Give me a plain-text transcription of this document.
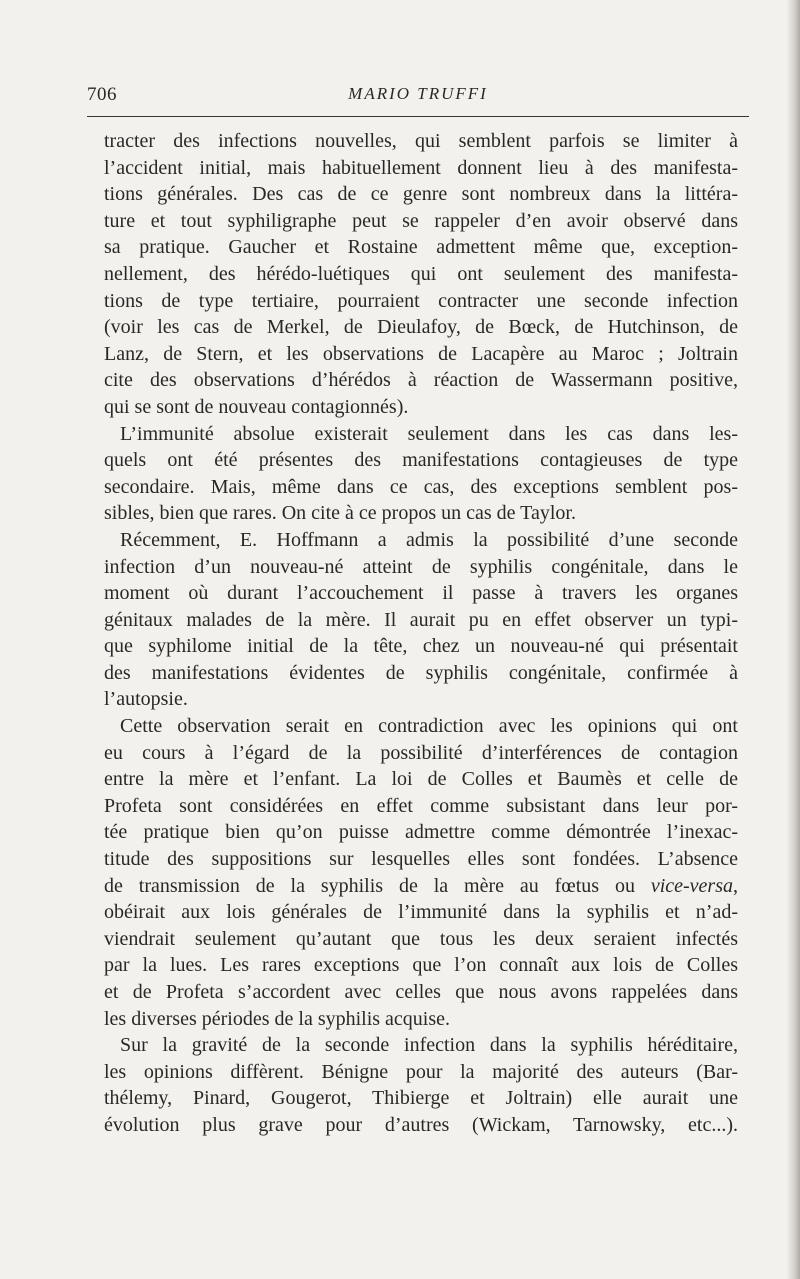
706	MARIO TRUFFI
tracter des infections nouvelles, qui semblent parfois se limiter à
l’accident initial, mais habituellement donnent lieu à des manifesta-
tions générales. Des cas de ce genre sont nombreux dans la littéra-
ture et tout syphiligraphe peut se rappeler d’en avoir observé dans
sa pratique. Gaucher et Rostaine admettent même que, exception-
nellement, des hérédo-luétiques qui ont seulement des manifesta-
tions de type tertiaire, pourraient contracter une seconde infection
(voir les cas de Merkel, de Dieulafoy, de Bœck, de Hutchinson, de
Lanz, de Stern, et les observations de Lacapère au Maroc ; Joltrain
cite des observations d’hérédos à réaction de Wassermann positive,
qui se sont de nouveau contagionnés).
L’immunité absolue existerait seulement dans les cas dans les-
quels ont été présentes des manifestations contagieuses de type
secondaire. Mais, même dans ce cas, des exceptions semblent pos-
sibles, bien que rares. On cite à ce propos un cas de Taylor.
Récemment, E. Hoffmann a admis la possibilité d’une seconde
infection d’un nouveau-né atteint de syphilis congénitale, dans le
moment où durant l’accouchement il passe à travers les organes
génitaux malades de la mère. Il aurait pu en effet observer un typi-
que syphilome initial de la tête, chez un nouveau-né qui présentait
des manifestations évidentes de syphilis congénitale, confirmée à
l’autopsie.
Cette observation serait en contradiction avec les opinions qui ont
eu cours à l’égard de la possibilité d’interférences de contagion
entre la mère et l’enfant. La loi de Colles et Baumès et celle de
Profeta sont considérées en effet comme subsistant dans leur por-
tée pratique bien qu’on puisse admettre comme démontrée l’inexac-
titude des suppositions sur lesquelles elles sont fondées. L’absence
de transmission de la syphilis de la mère au fœtus ou vice-versa,
obéirait aux lois générales de l’immunité dans la syphilis et n’ad-
viendrait seulement qu’autant que tous les deux seraient infectés
par la lues. Les rares exceptions que l’on connaît aux lois de Colles
et de Profeta s’accordent avec celles que nous avons rappelées dans
les diverses périodes de la syphilis acquise.
Sur la gravité de la seconde infection dans la syphilis héréditaire,
les opinions diffèrent. Bénigne pour la majorité des auteurs (Bar-
thélemy, Pinard, Gougerot, Thibierge et Joltrain) elle aurait une
évolution plus grave pour d’autres (Wickam, Tarnowsky, etc...).
